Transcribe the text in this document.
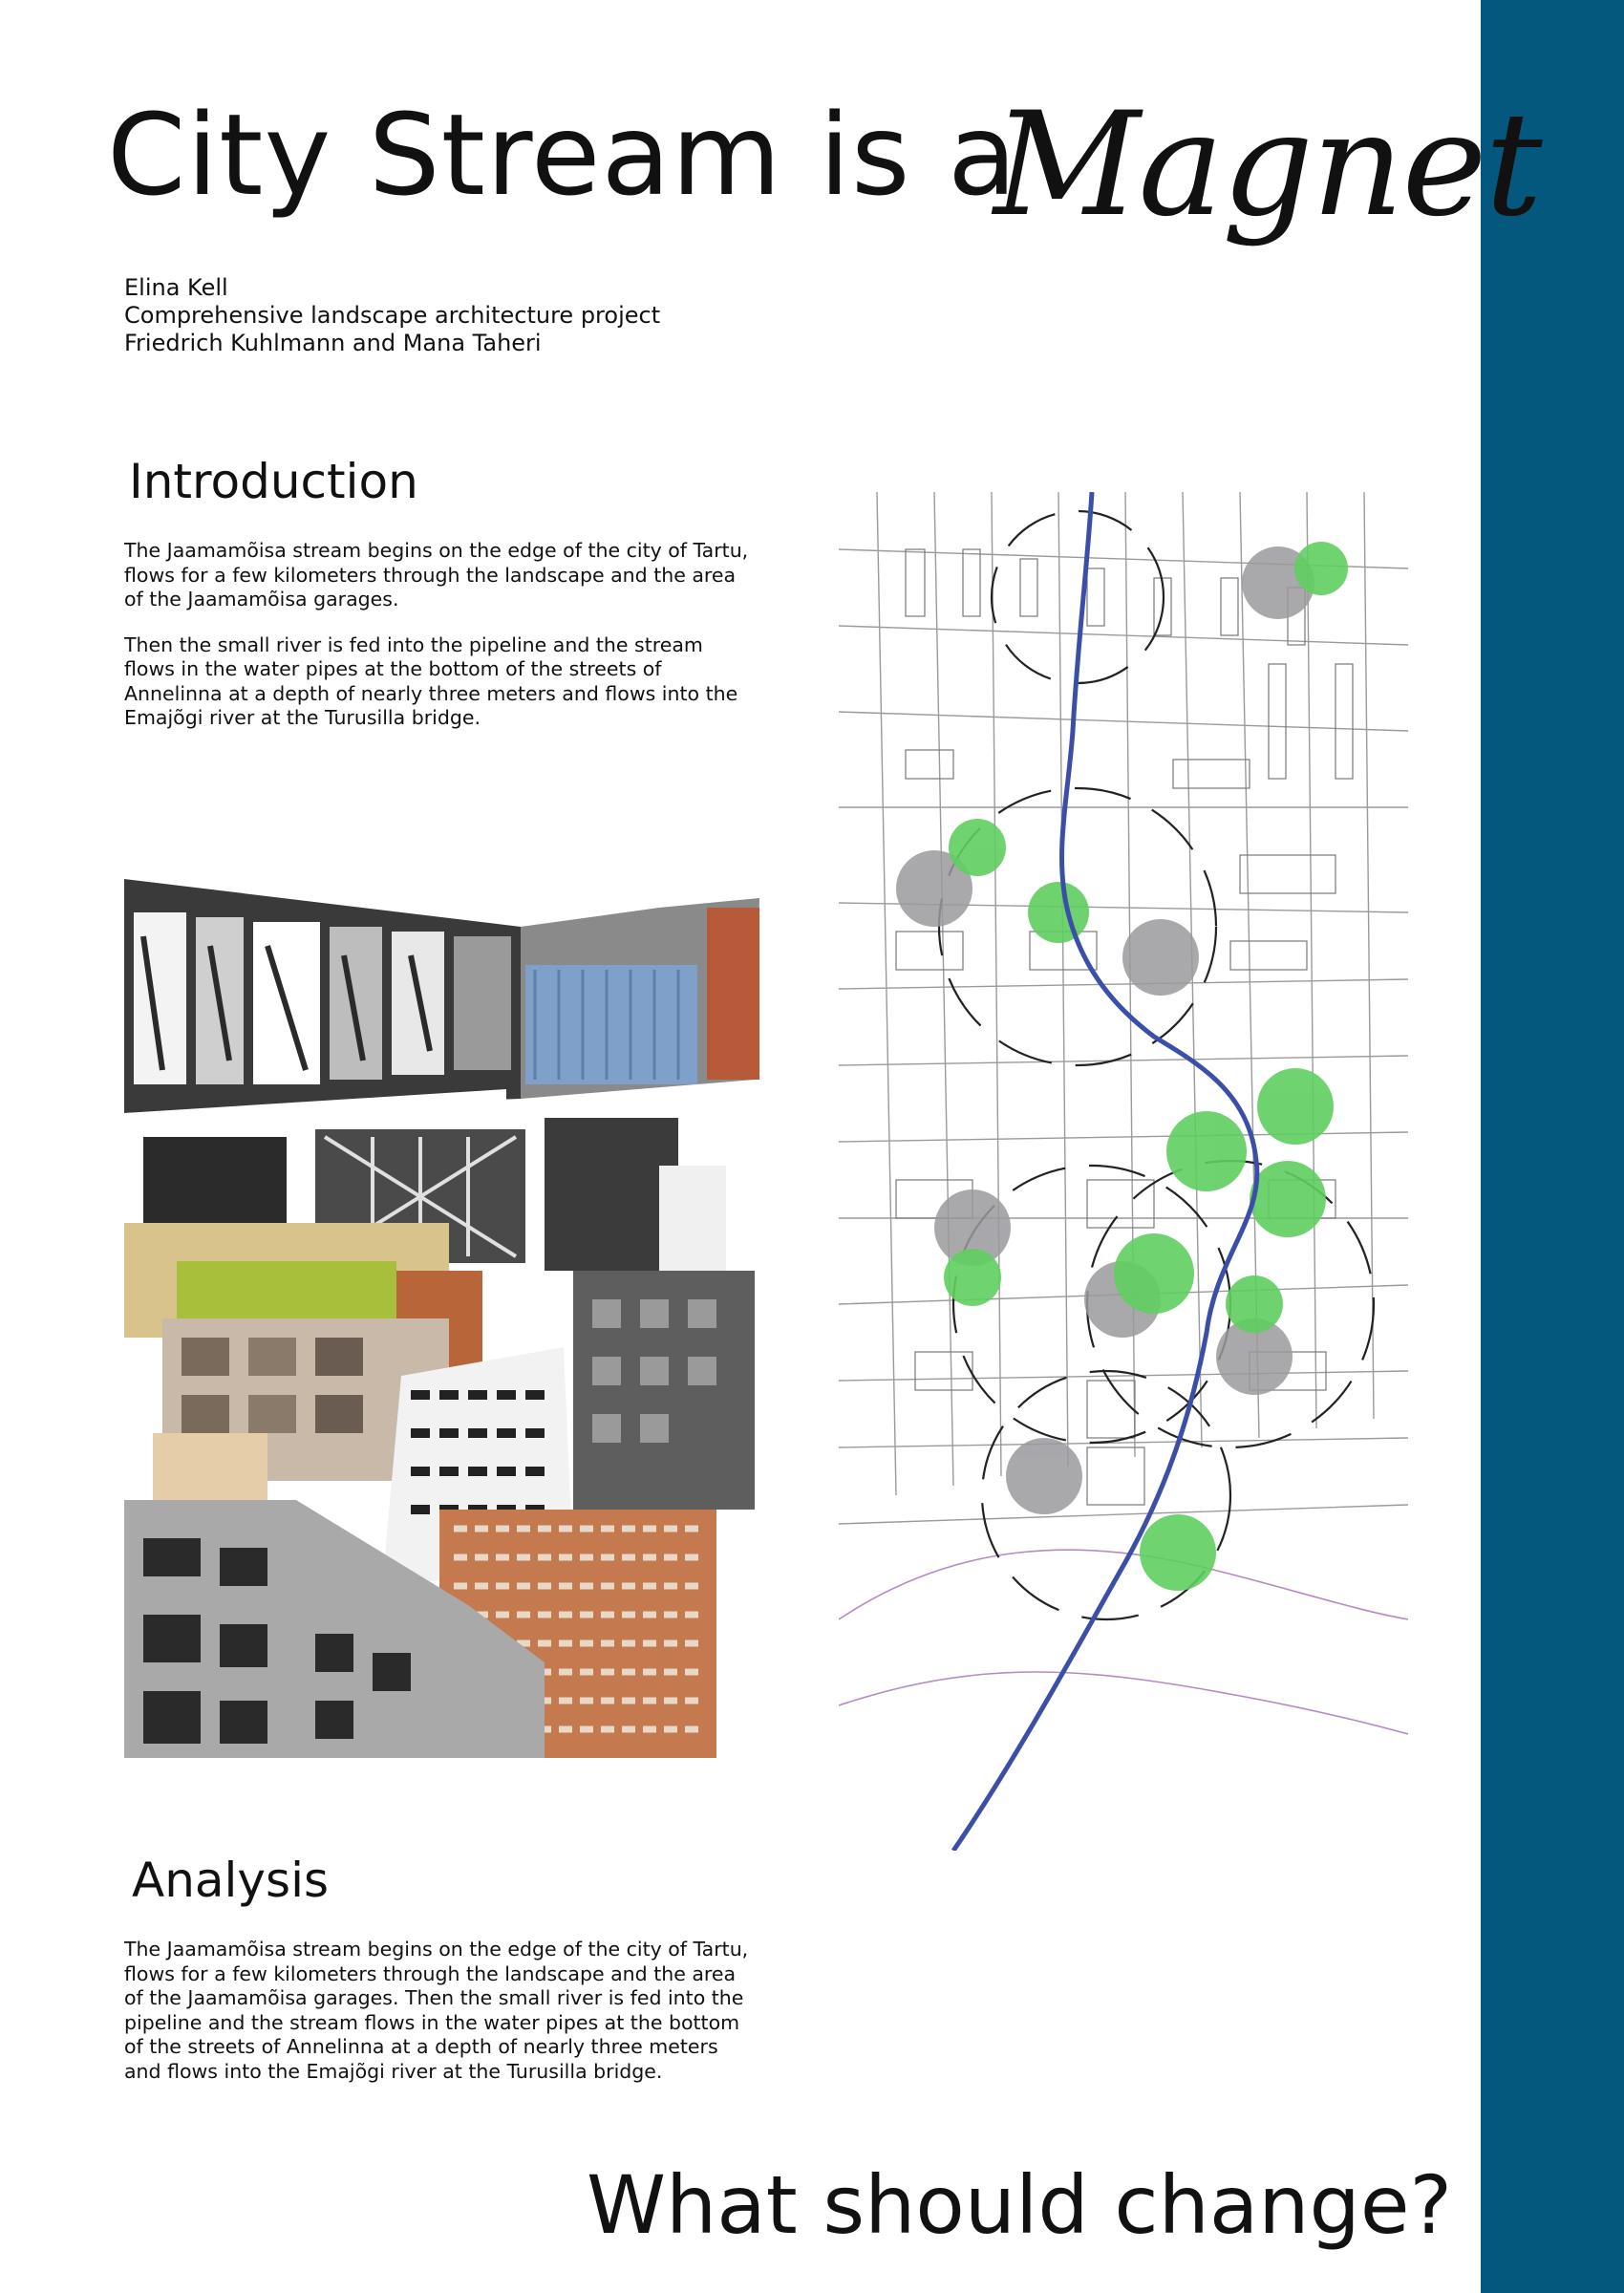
City Stream is a
Magnet
Elina Kell
Comprehensive landscape architecture project
Friedrich Kuhlmann and Mana Taheri
Introduction

The Jaamamõisa stream begins on the edge of the city of Tartu, flows for a few kilometers through the landscape and the area of the Jaamamõisa garages.

Then the small river is fed into the pipeline and the stream flows in the water pipes at the bottom of the streets of Annelinna at a depth of nearly three meters and flows into the Emajõgi river at the Turusilla bridge.

Analysis

The Jaamamõisa stream begins on the edge of the city of Tartu, flows for a few kilometers through the landscape and the area of the Jaamamõisa garages. Then the small river is fed into the pipeline and the stream flows in the water pipes at the bottom of the streets of Annelinna at a depth of nearly three meters and flows into the Emajõgi river at the Turusilla bridge.

What should change?
